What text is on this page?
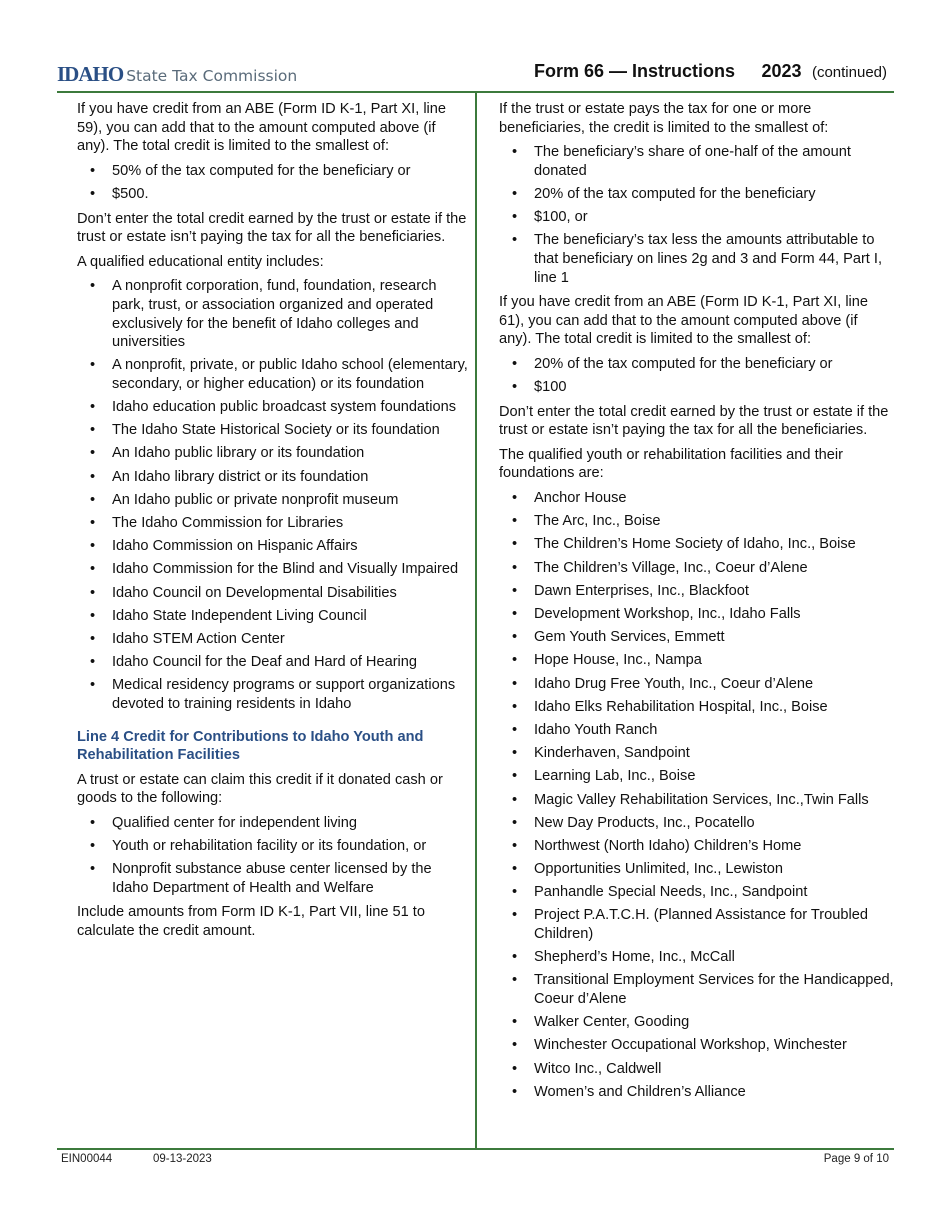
IDAHO State Tax Commission	Form 66 — Instructions 2023 (continued)

If you have credit from an ABE (Form ID K-1, Part XI, line 59), you can add that to the amount computed above (if any). The total credit is limited to the smallest of:

• 50% of the tax computed for the beneficiary or
• $500.

Don’t enter the total credit earned by the trust or estate if the trust or estate isn’t paying the tax for all the beneficiaries.

A qualified educational entity includes:

• A nonprofit corporation, fund, foundation, research park, trust, or association organized and operated exclusively for the benefit of Idaho colleges and universities
• A nonprofit, private, or public Idaho school (elementary, secondary, or higher education) or its foundation
• Idaho education public broadcast system foundations
• The Idaho State Historical Society or its foundation
• An Idaho public library or its foundation
• An Idaho library district or its foundation
• An Idaho public or private nonprofit museum
• The Idaho Commission for Libraries
• Idaho Commission on Hispanic Affairs
• Idaho Commission for the Blind and Visually Impaired
• Idaho Council on Developmental Disabilities
• Idaho State Independent Living Council
• Idaho STEM Action Center
• Idaho Council for the Deaf and Hard of Hearing
• Medical residency programs or support organizations devoted to training residents in Idaho
Line 4 Credit for Contributions to Idaho Youth and Rehabilitation Facilities

A trust or estate can claim this credit if it donated cash or goods to the following:

• Qualified center for independent living
• Youth or rehabilitation facility or its foundation, or
• Nonprofit substance abuse center licensed by the Idaho Department of Health and Welfare

Include amounts from Form ID K-1, Part VII, line 51 to calculate the credit amount.

If the trust or estate pays the tax for one or more beneficiaries, the credit is limited to the smallest of:

• The beneficiary’s share of one-half of the amount donated
• 20% of the tax computed for the beneficiary
• $100, or
• The beneficiary’s tax less the amounts attributable to that beneficiary on lines 2g and 3 and Form 44, Part I, line 1

If you have credit from an ABE (Form ID K-1, Part XI, line 61), you can add that to the amount computed above (if any). The total credit is limited to the smallest of:

• 20% of the tax computed for the beneficiary or
• $100

Don’t enter the total credit earned by the trust or estate if the trust or estate isn’t paying the tax for all the beneficiaries.

The qualified youth or rehabilitation facilities and their foundations are:

• Anchor House
• The Arc, Inc., Boise
• The Children’s Home Society of Idaho, Inc., Boise
• The Children’s Village, Inc., Coeur d’Alene
• Dawn Enterprises, Inc., Blackfoot
• Development Workshop, Inc., Idaho Falls
• Gem Youth Services, Emmett
• Hope House, Inc., Nampa
• Idaho Drug Free Youth, Inc., Coeur d’Alene
• Idaho Elks Rehabilitation Hospital, Inc., Boise
• Idaho Youth Ranch
• Kinderhaven, Sandpoint
• Learning Lab, Inc., Boise
• Magic Valley Rehabilitation Services, Inc.,Twin Falls
• New Day Products, Inc., Pocatello
• Northwest (North Idaho) Children’s Home
• Opportunities Unlimited, Inc., Lewiston
• Panhandle Special Needs, Inc., Sandpoint
• Project P.A.T.C.H. (Planned Assistance for Troubled Children)
• Shepherd’s Home, Inc., McCall
• Transitional Employment Services for the Handicapped, Coeur d’Alene
• Walker Center, Gooding
• Winchester Occupational Workshop, Winchester
• Witco Inc., Caldwell
• Women’s and Children’s Alliance
EIN00044	09-13-2023	Page 9 of 10
